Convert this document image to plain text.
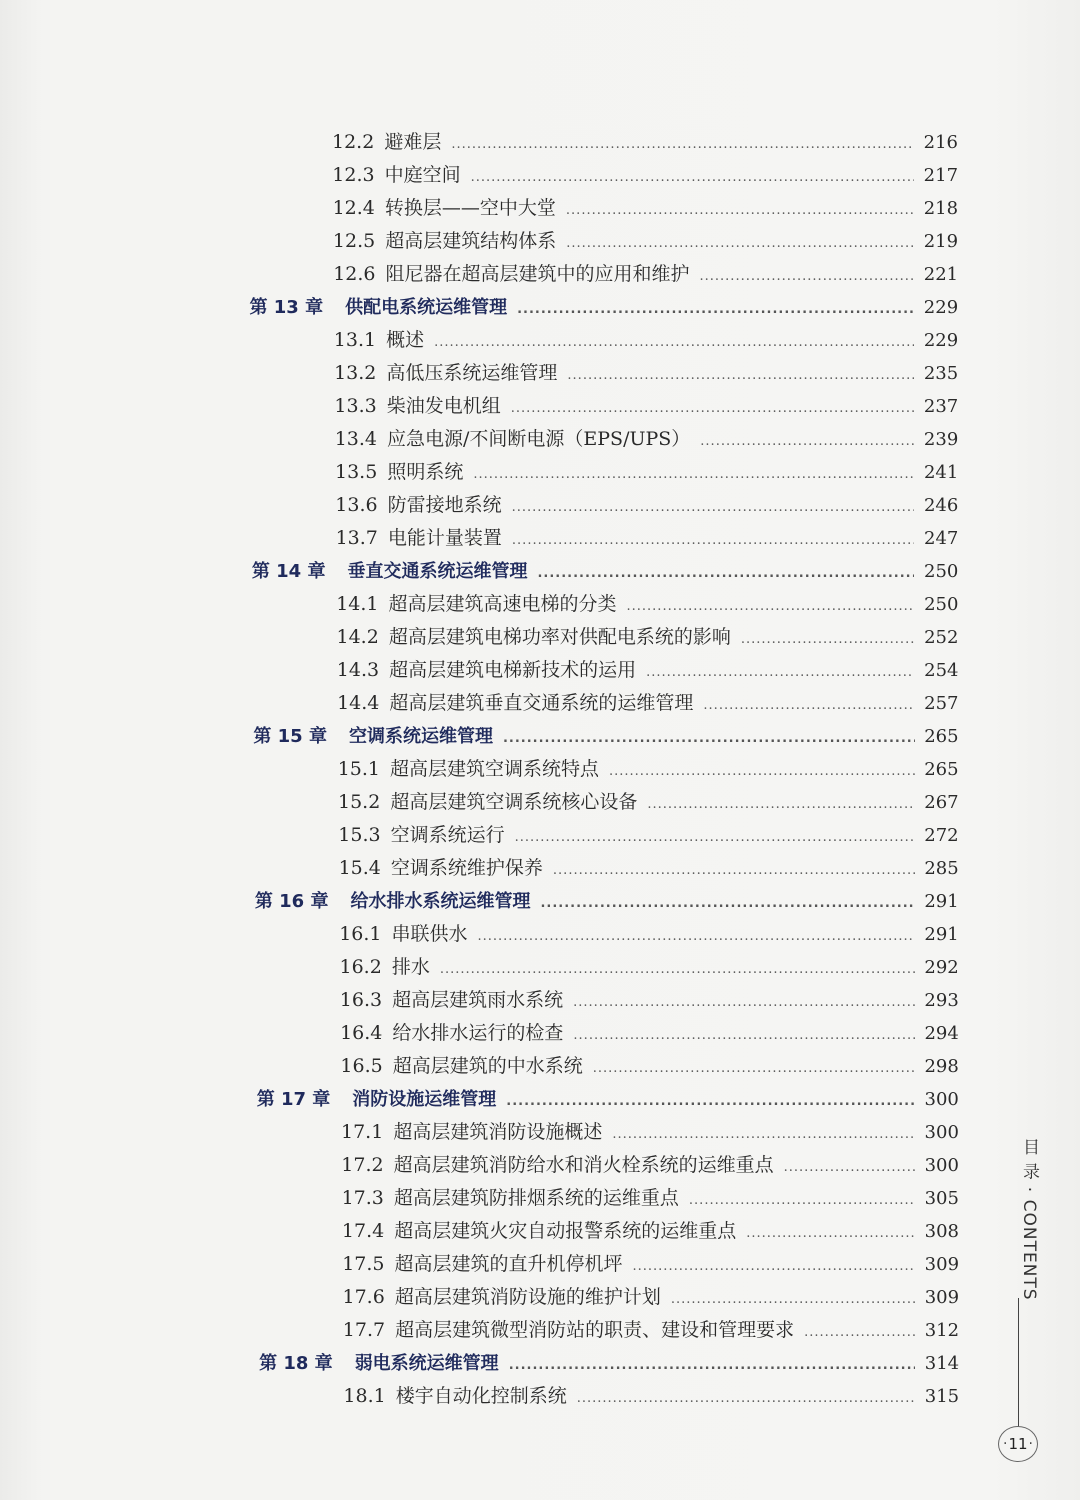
12.2 避难层 .....	216
12.3 中庭空间 .....	217
12.4 转换层——空中大堂 .....	218
12.5 超高层建筑结构体系 .....	219
12.6 阻尼器在超高层建筑中的应用和维护 .....	221
第 13 章 供配电系统运维管理 .....	229
13.1 概述 .....	229
13.2 高低压系统运维管理 .....	235
13.3 柴油发电机组 .....	237
13.4 应急电源/不间断电源（EPS/UPS） .....	239
13.5 照明系统 .....	241
13.6 防雷接地系统 .....	246
13.7 电能计量装置 .....	247
第 14 章 垂直交通系统运维管理 .....	250
14.1 超高层建筑高速电梯的分类 .....	250
14.2 超高层建筑电梯功率对供配电系统的影响 .....	252
14.3 超高层建筑电梯新技术的运用 .....	254
14.4 超高层建筑垂直交通系统的运维管理 .....	257
第 15 章 空调系统运维管理 .....	265
15.1 超高层建筑空调系统特点 .....	265
15.2 超高层建筑空调系统核心设备 .....	267
15.3 空调系统运行 .....	272
15.4 空调系统维护保养 .....	285
第 16 章 给水排水系统运维管理 .....	291
16.1 串联供水 .....	291
16.2 排水 .....	292
16.3 超高层建筑雨水系统 .....	293
16.4 给水排水运行的检查 .....	294
16.5 超高层建筑的中水系统 .....	298
第 17 章 消防设施运维管理 .....	300
17.1 超高层建筑消防设施概述 .....	300
17.2 超高层建筑消防给水和消火栓系统的运维重点 .....	300
17.3 超高层建筑防排烟系统的运维重点 .....	305
17.4 超高层建筑火灾自动报警系统的运维重点 .....	308
17.5 超高层建筑的直升机停机坪 .....	309
17.6 超高层建筑消防设施的维护计划 .....	309
17.7 超高层建筑微型消防站的职责、建设和管理要求 .....	312
第 18 章 弱电系统运维管理 .....	314
18.1 楼宇自动化控制系统 .....	315
目 录 · CONTENTS
· 11
·
